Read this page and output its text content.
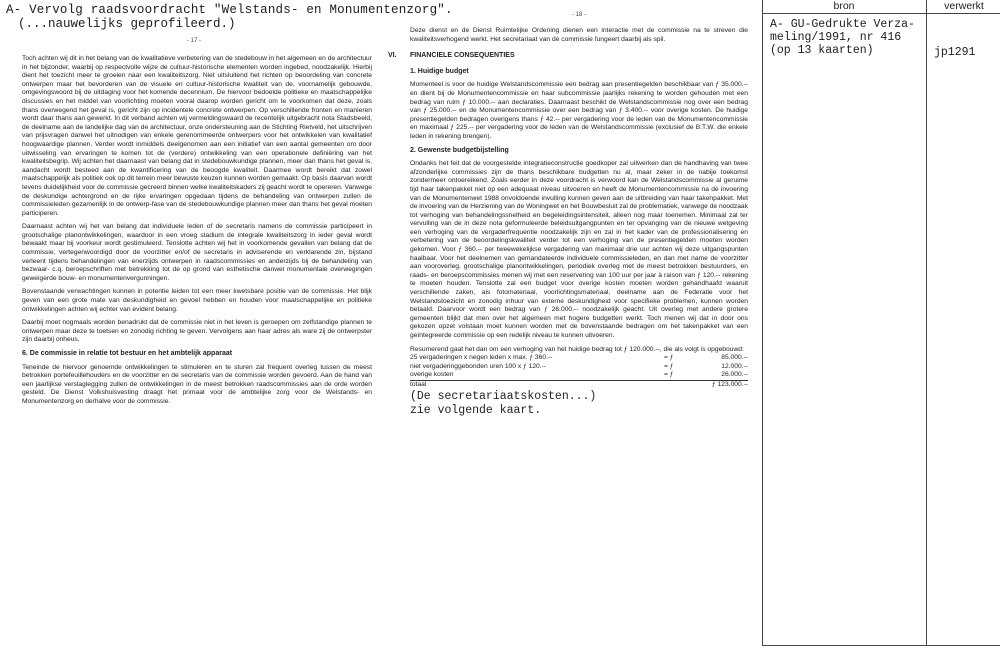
A- Vervolg raadsvoordracht "Welstands- en Monumentenzorg".
(...nauwelijks geprofileerd.)
- 17 -
- 18 -

Toch achten wij dit in het belang van de kwalitatieve verbetering van de stedebouw in het algemeen en de architectuur in het bijzonder, waarbij op respectvolle wijze de cultuur-historische elementen worden ingebed, noodzakelijk. Hierbij dient het toezicht meer te groeien naar een kwaliteitszorg. Niet uitsluitend het richten op beoordeling van concrete ontwerpen maar het bevorderen van de visuele en cultuur-historische kwaliteit van de, voornamelijk gebouwde, omgevingswoord bij de uitdaging voor het komende decennium. De hiervoor bedoelde politieke en maatschappelijke discussies en het middel van voorlichting moeten vooral daarop worden gericht om te voorkomen dat deze, zoals thans overwegend het geval is, gericht zijn op incidentele concrete ontwerpen. Op verschillende fronten en manieren wordt daar thans aan gewerkt. In dit verband achten wij vermeldingswaard de recentelijk uitgebracht nota Stadsbeeld, de deelname aan de landelijke dag van de architectuur, onze ondersteuning aan de Stichting Rietveld, het uitschrijven van prijsvragen danwel het uitnodigen van enkele gerenommeerde ontwerpers voor het ontwikkelen van kwalitatief hoogwaardige plannen. Verder wordt inmiddels deelgenomen aan een initiatief van een aantal gemeenten om door uitwisseling van ervaringen te komen tot de (verdere) ontwikkeling van een operationele definiëring van het kwaliteitsbegrip. Wij achten het daarnaast van belang dat in stedebouwkundige plannen, meer dan thans het geval is, aandacht wordt besteed aan de kwantificering van de beoogde kwaliteit. Daarmee wordt bereikt dat zowel maatschappelijk als politiek ook op dit terrein meer bewuste keuzen kunnen worden gemaakt. Op basis daarvan wordt tevens duidelijkheid voor de commissie gecreerd binnen welke kwaliteitskaders zij geacht wordt te opereren. Vanwege de deskundige achtergrond en de rijke ervaringen opgedaan tijdens de behandeling van ontwerpen zullen de commissieleden gezamenlijk in de ontwerp-fase van de stedebouwkundige plannen meer dan thans het geval moeten participeren.

Daarnaast achten wij het van belang dat individuele leden of de secretaris namens de commissie participeert in grootschalige planontwikkelingen, waardoor in een vroeg stadium de integrale kwaliteitszorg in ieder geval wordt bewaakt maar bij voorkeur wordt gestimuleerd. Tenslotte achten wij het in voorkomende gevallen van belang dat de commissie, vertegenwoordigd door de voorzitter en/of de secretaris in adviserende en verklarende zin, bijstand verleent tijdens behandelingen van enerzijds ontwerpen in raadscommissies en anderzijds bij de behandeling van bezwaar- c.q. beroepschriften met betrekking tot de op grond van esthetische danwel monumentale overwegingen geweigerde bouw- en monumentenvergunningen.

Bovenstaande verwachtingen kunnen in potentie leiden tot een meer kwetsbare positie van de commissie. Het blijk geven van een grote mate van deskundigheid en gevoel hebben en houden voor maatschappelijke en politieke ontwikkelingen achten wij echter van evident belang.

Daarbij moet nogmaals worden benadrukt dat de commissie niet in het leven is geroepen om zelfstandige plannen te ontwerpen maar deze te toetsen en zonodig richting te geven. Vervolgens aan haar adres als ware zij de ontwerpster zijn daarbij onheus.

6. De commissie in relatie tot bestuur en het ambtelijk apparaat

Teneinde de hiervoor genoemde ontwikkelingen te stimuleren en te sturen zal frequent overleg tussen de meest betrokken portefeuillehouders en de voorzitter en de secretaris van de commissie worden gevoerd. Aan de hand van een jaarlijkse verslaglegging zullen de ontwikkelingen in de meest betrokken raadscommissies aan de orde worden gesteld. De Dienst Volkshuisvesting draagt het primaat voor de ambtelijke zorg voor de Welstands- en Monumentenzorg en derhalve voor de commissie.

Deze dienst en de Dienst Ruimtelijke Ordening dienen een interactie met de commissie na te streven die kwaliteitsverhogend werkt. Het secretariaat van de commissie fungeert daarbij als spil.

VI.	FINANCIELE CONSEQUENTIES
1. Huidige budget

Momenteel is voor de huidige Welstandscommissie een bedrag aan presentiegelden beschikbaar van ƒ 35.000.-- en dient bij de Monumentencommissie en haar subcommissie jaarlijks rekening te worden gehouden met een bedrag van ruim ƒ 10.000.-- aan declaraties. Daarnaast beschikt de Welstandscommissie nog over een bedrag van ƒ 25.000.-- en de Monumentencommissie over een bedrag van ƒ 3.400.-- voor overige kosten. De huidige presentiegelden bedragen overigens thans ƒ 42.-- per vergadering voor de leden van de Monumentencommissie en maximaal ƒ 225.-- per vergadering voor de leden van de Welstandscommissie (exclusief de B.T.W. die enkele leden in rekening brengen).

2. Gewenste budgetbijstelling

Ondanks het feit dat de voorgestelde integratieconstructie goedkoper zal uitwerken dan de handhaving van twee afzonderlijke commissies zijn de thans beschikbare budgetten nu al, maar zeker in de nabije toekomst zondermeer ontoereikend. Zoals eerder in deze voordracht is verwoord kan de Welstandscommissie al geruime tijd haar takenpakket niet op een adequaat niveau uitvoeren en heeft de Monumentencommissie na de invoering van de Monumentenwet 1988 onvoldoende invulling kunnen geven aan de uitbreiding van haar takenpakket. Met de invoering van de Herziening van de Woningwet en het Bouwbesluit zal de problematiek, vanwege de noodzaak tot verhoging van behandelingssnelheid en begeleidingsintensiteit, alleen nog maar toenemen. Minimaal zal ter vervulling van de in deze nota geformuleerde beleidsuitgangpunten en ter opvanging van de nieuwe wetgeving een verhoging van de vergaderfrequentie noodzakelijk zijn en zal in het kader van de professionalisering en verbetering van de beoordelingskwaliteit verder tot een verhoging van de presentiegelden moeten worden gekomen. Voor ƒ 360.-- per tweewekelijkse vergadering van maximaal drie uur achten wij deze uitgangspunten haalbaar. Voor het deelnemen van gemandateerde individuele commissieleden, en dan met name de voorzitter aan vooroverleg, grootschalige planontwikkelingen, periodiek overleg met de meest betrokken bestuurders, en raads- en beroepscommissies menen wij met een reservering van 100 uur per jaar à raison van ƒ 120.-- rekening te moeten houden. Tenslotte zal een budget voor overige kosten moeten worden gehandhaafd waaruit verschillende zaken, als fotomateriaal, voorlichtingsmateriaal, deelname aan de Federatie voor het Welstandstoezicht en zonodig inhuur van externe deskundigheid voor specifieke problemen, kunnen worden betaald. Daarvoor wordt een bedrag van ƒ 26.000.-- noodzakelijk geacht. Uit overleg met andere grotere gemeenten blijkt dat men over het algemeen met hogere budgetten werkt. Toch menen wij dat in door ons gekozen opzet volstaan moet kunnen worden met de bovenstaande bedragen om het takenpakket van een geïntegreerde commissie op een redelijk niveau te kunnen uitvoeren.

Resumerend gaat het dan om een verhoging van het huidige bedrag tot ƒ 120.000.--, die als volgt is opgebouwd:

25 vergaderingen x negen leden x max. ƒ 360.--	= ƒ	85.000.--
niet vergaderinggebonden uren 100 x ƒ 120.--	= ƒ	12.000.--
overige kosten	= ƒ	26.000.--
totaal	ƒ 123.000.--
(De secretariaatskosten...)
zie volgende kaart.
bron	verwerkt
A- GU-Gedrukte Verza-
meling/1991, nr 416
(op 13 kaarten)	jp1291
